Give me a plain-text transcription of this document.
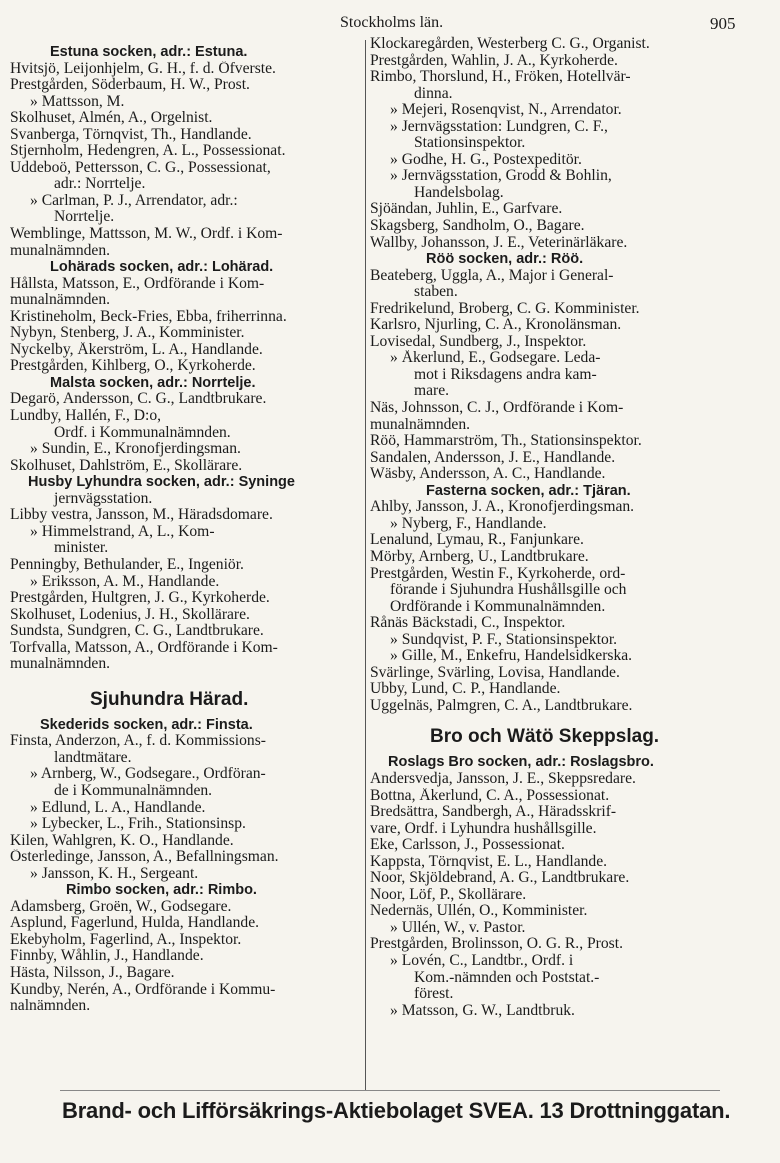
Stockholms län.	905
Estuna socken, adr.: Estuna.
Hvitsjö, Leijonhjelm, G. H., f. d. Öfverste.
Prestgården, Söderbaum, H. W., Prost.
» Mattsson, M.
Skolhuset, Almén, A., Orgelnist.
Svanberga, Törnqvist, Th., Handlande.
Stjernholm, Hedengren, A. L., Possessionat.
Uddeboö, Pettersson, C. G., Possessionat,
adr.: Norrtelje.
» Carlman, P. J., Arrendator, adr.:
Norrtelje.
Wemblinge, Mattsson, M. W., Ordf. i Kom-
munalnämnden.
Lohärads socken, adr.: Lohärad.
Hållsta, Matsson, E., Ordförande i Kom-
munalnämnden.
Kristineholm, Beck-Fries, Ebba, friherrinna.
Nybyn, Stenberg, J. A., Komminister.
Nyckelby, Åkerström, L. A., Handlande.
Prestgården, Kihlberg, O., Kyrkoherde.
Malsta socken, adr.: Norrtelje.
Degarö, Andersson, C. G., Landtbrukare.
Lundby, Hallén, F., D:o,
Ordf. i Kommunalnämnden.
» Sundin, E., Kronofjerdingsman.
Skolhuset, Dahlström, E., Skollärare.
Husby Lyhundra socken, adr.: Syninge
jernvägsstation.
Libby vestra, Jansson, M., Häradsdomare.
» Himmelstrand, A, L., Kom-
minister.
Penningby, Bethulander, E., Ingeniör.
» Eriksson, A. M., Handlande.
Prestgården, Hultgren, J. G., Kyrkoherde.
Skolhuset, Lodenius, J. H., Skollärare.
Sundsta, Sundgren, C. G., Landtbrukare.
Torfvalla, Matsson, A., Ordförande i Kom-
munalnämnden.
Sjuhundra Härad.
Skederids socken, adr.: Finsta.
Finsta, Anderzon, A., f. d. Kommissions-
landtmätare.
» Arnberg, W., Godsegare., Ordföran-
de i Kommunalnämnden.
» Edlund, L. A., Handlande.
» Lybecker, L., Frih., Stationsinsp.
Kilen, Wahlgren, K. O., Handlande.
Österledinge, Jansson, A., Befallningsman.
» Jansson, K. H., Sergeant.
Rimbo socken, adr.: Rimbo.
Adamsberg, Groën, W., Godsegare.
Asplund, Fagerlund, Hulda, Handlande.
Ekebyholm, Fagerlind, A., Inspektor.
Finnby, Wåhlin, J., Handlande.
Hästa, Nilsson, J., Bagare.
Kundby, Nerén, A., Ordförande i Kommu-
nalnämnden.
Klockaregården, Westerberg C. G., Organist.
Prestgården, Wahlin, J. A., Kyrkoherde.
Rimbo, Thorslund, H., Fröken, Hotellvär-
dinna.
» Mejeri, Rosenqvist, N., Arrendator.
» Jernvägsstation: Lundgren, C. F.,
Stationsinspektor.
» Godhe, H. G., Postexpeditör.
» Jernvägsstation, Grodd & Bohlin,
Handelsbolag.
Sjöändan, Juhlin, E., Garfvare.
Skagsberg, Sandholm, O., Bagare.
Wallby, Johansson, J. E., Veterinärläkare.
Röö socken, adr.: Röö.
Beateberg, Uggla, A., Major i General-
staben.
Fredrikelund, Broberg, C. G. Komminister.
Karlsro, Njurling, C. A., Kronolänsman.
Lovisedal, Sundberg, J., Inspektor.
» Åkerlund, E., Godsegare. Leda-
mot i Riksdagens andra kam-
mare.
Näs, Johnsson, C. J., Ordförande i Kom-
munalnämnden.
Röö, Hammarström, Th., Stationsinspektor.
Sandalen, Andersson, J. E., Handlande.
Wäsby, Andersson, A. C., Handlande.
Fasterna socken, adr.: Tjäran.
Ahlby, Jansson, J. A., Kronofjerdingsman.
» Nyberg, F., Handlande.
Lenalund, Lymau, R., Fanjunkare.
Mörby, Arnberg, U., Landtbrukare.
Prestgården, Westin F., Kyrkoherde, ord-
förande i Sjuhundra Hushållsgille och
Ordförande i Kommunalnämnden.
Rånäs Bäckstadi, C., Inspektor.
» Sundqvist, P. F., Stationsinspektor.
» Gille, M., Enkefru, Handelsidkerska.
Svärlinge, Svärling, Lovisa, Handlande.
Ubby, Lund, C. P., Handlande.
Uggelnäs, Palmgren, C. A., Landtbrukare.
Bro och Wätö Skeppslag.
Roslags Bro socken, adr.: Roslagsbro.
Andersvedja, Jansson, J. E., Skeppsredare.
Bottna, Åkerlund, C. A., Possessionat.
Bredsättra, Sandbergh, A., Häradsskrif-
vare, Ordf. i Lyhundra hushållsgille.
Eke, Carlsson, J., Possessionat.
Kappsta, Törnqvist, E. L., Handlande.
Noor, Skjöldebrand, A. G., Landtbrukare.
Noor, Löf, P., Skollärare.
Nedernäs, Ullén, O., Komminister.
» Ullén, W., v. Pastor.
Prestgården, Brolinsson, O. G. R., Prost.
» Lovén, C., Landtbr., Ordf. i
Kom.-nämnden och Poststat.-
förest.
» Matsson, G. W., Landtbruk.
Brand- och Lifförsäkrings-Aktiebolaget SVEA. 13 Drottninggatan.
